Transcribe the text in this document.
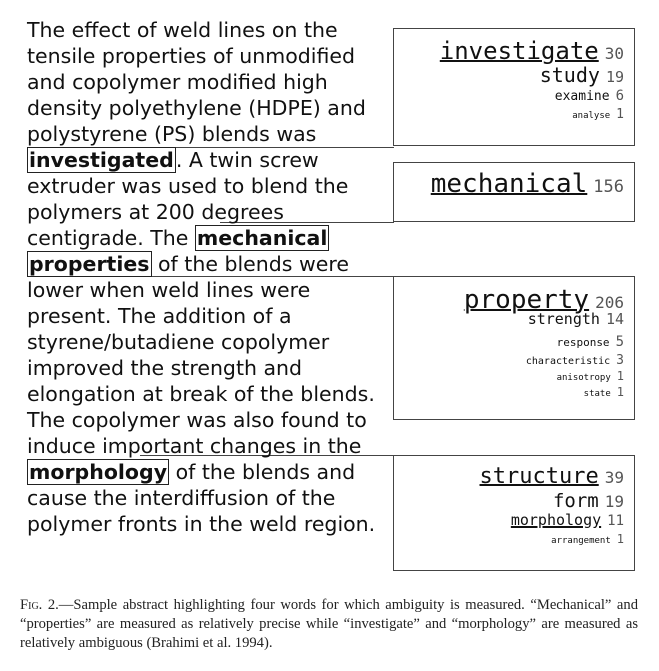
The effect of weld lines on the
tensile properties of unmodified
and copolymer modified high
density polyethylene (HDPE) and
polystyrene (PS) blends was
investigated. A twin screw
extruder was used to blend the
polymers at 200 degrees
centigrade. The mechanical
properties of the blends were
lower when weld lines were
present. The addition of a
styrene/butadiene copolymer
improved the strength and
elongation at break of the blends.
The copolymer was also found to
induce important changes in the
morphology of the blends and
cause the interdiffusion of the
polymer fronts in the weld region.
investigate 30
study 19
examine 6
analyse 1
mechanical 156
property 206
strength 14
response 5
characteristic 3
anisotropy 1
state 1
structure 39
form 19
morphology 11
arrangement 1
Fig. 2.—Sample abstract highlighting four words for which ambiguity is measured. “Mechanical” and “properties” are measured as relatively precise while “investigate” and “morphology” are measured as relatively ambiguous (Brahimi et al. 1994).
